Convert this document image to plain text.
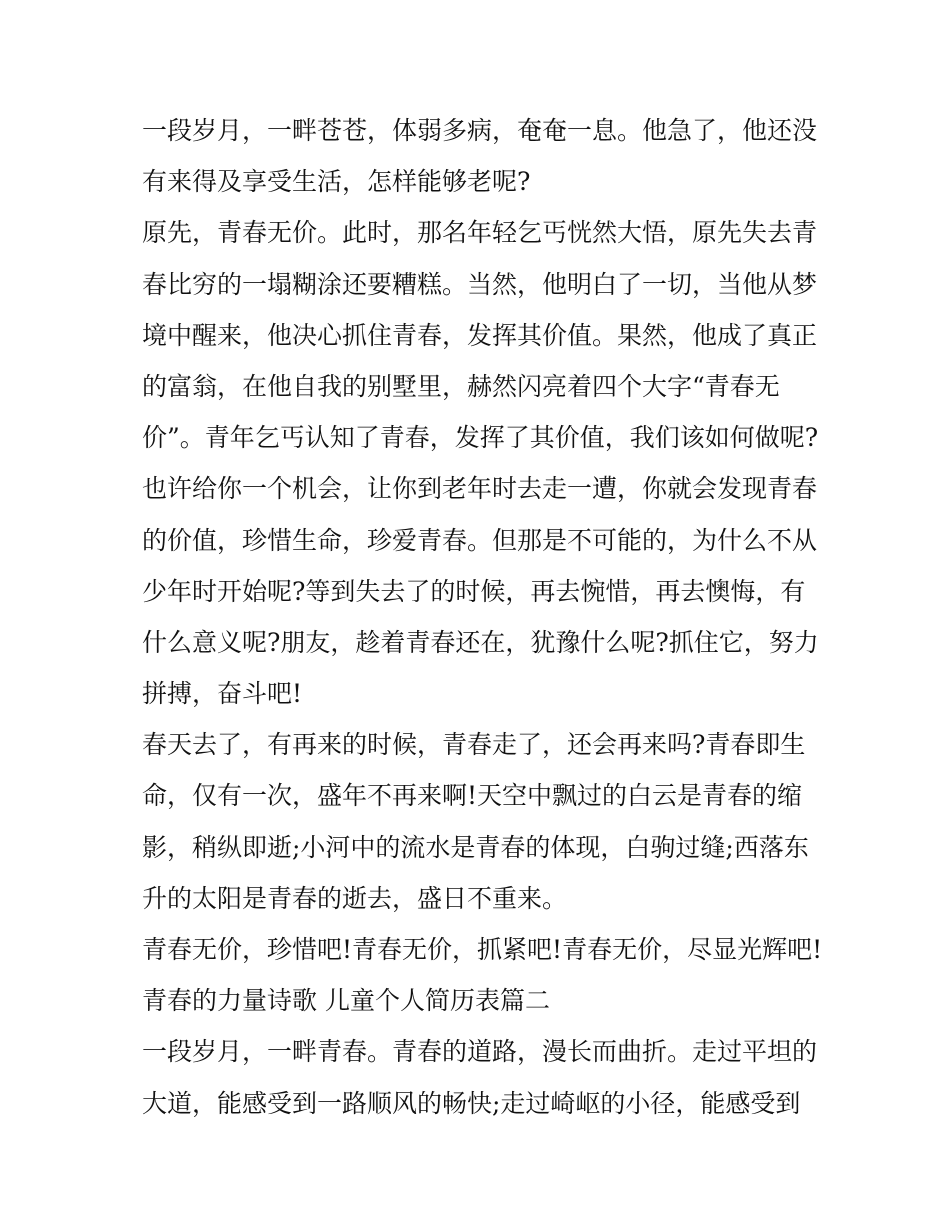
一段岁月，一畔苍苍，体弱多病，奄奄一息。他急了，他还没
有来得及享受生活，怎样能够老呢?
原先，青春无价。此时，那名年轻乞丐恍然大悟，原先失去青
春比穷的一塌糊涂还要糟糕。当然，他明白了一切，当他从梦
境中醒来，他决心抓住青春，发挥其价值。果然，他成了真正
的富翁，在他自我的别墅里，赫然闪亮着四个大字“青春无
价”。青年乞丐认知了青春，发挥了其价值，我们该如何做呢?
也许给你一个机会，让你到老年时去走一遭，你就会发现青春
的价值，珍惜生命，珍爱青春。但那是不可能的，为什么不从
少年时开始呢?等到失去了的时候，再去惋惜，再去懊悔，有
什么意义呢?朋友，趁着青春还在，犹豫什么呢?抓住它，努力
拼搏，奋斗吧!
春天去了，有再来的时候，青春走了，还会再来吗?青春即生
命，仅有一次，盛年不再来啊!天空中飘过的白云是青春的缩
影，稍纵即逝;小河中的流水是青春的体现，白驹过缝;西落东
升的太阳是青春的逝去，盛日不重来。
青春无价，珍惜吧!青春无价，抓紧吧!青春无价，尽显光辉吧!
青春的力量诗歌 儿童个人简历表篇二
一段岁月，一畔青春。青春的道路，漫长而曲折。走过平坦的
大道，能感受到一路顺风的畅快;走过崎岖的小径，能感受到
